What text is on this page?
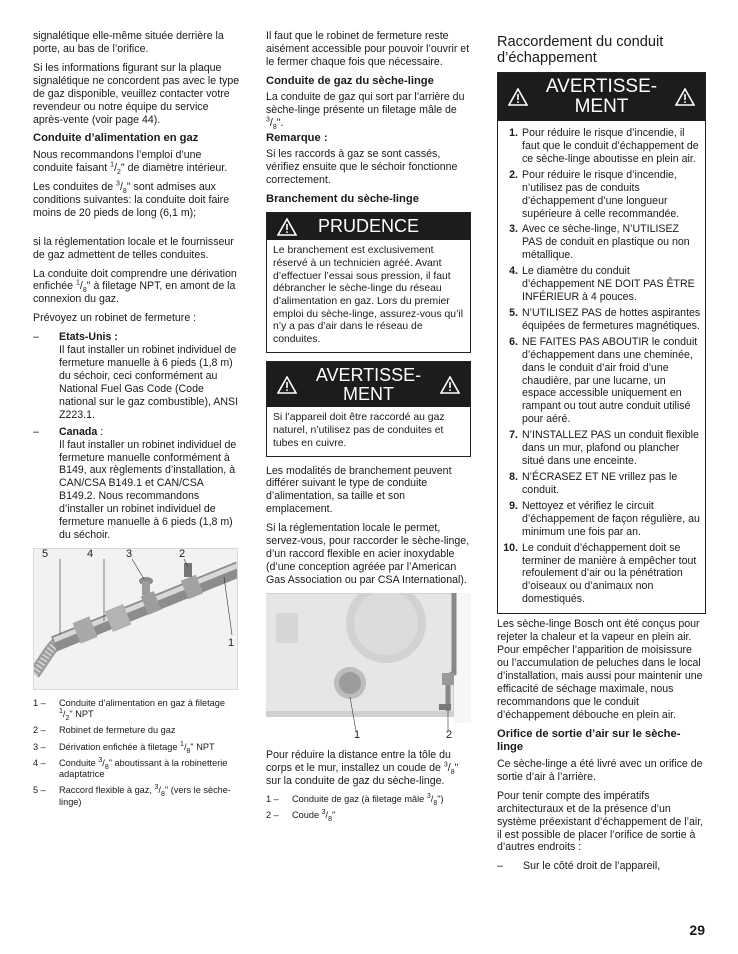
signalétique elle-même située derrière la porte, au bas de l’orifice.

Si les informations figurant sur la plaque signalétique ne concordent pas avec le type de gaz disponible, veuillez contacter votre revendeur ou notre équipe du service après-vente (voir page 44).

Conduite d’alimentation en gaz

Nous recommandons l’emploi d’une conduite faisant $^1/_2$" de diamètre intérieur.

Les conduites de $^3/_8$" sont admises aux conditions suivantes: la conduite doit faire moins de 20 pieds de long (6,1 m);

si la réglementation locale et le fournisseur de gaz admettent de telles conduites.

La conduite doit comprendre une dérivation enfichée $^1/_8$" à filetage NPT, en amont de la connexion du gaz.

Prévoyez un robinet de fermeture :

– Etats-Unis :
Il faut installer un robinet individuel de fermeture manuelle à 6 pieds (1,8 m) du séchoir, ceci conformément au National Fuel Gas Code (Code national sur le gaz combustible), ANSI Z223.1.
– Canada :
Il faut installer un robinet individuel de fermeture manuelle conformément à B149, aux règlements d’installation, à CAN/CSA B149.1 et CAN/CSA B149.2. Nous recommandons d’installer un robinet individuel de fermeture manuelle à 6 pieds (1,8 m) du séchoir.
5	4	3	2
1
1 – Conduite d’alimentation en gaz à filetage $^1/_2$" NPT
2 – Robinet de fermeture du gaz
3 – Dérivation enfichée à filetage $^1/_8$" NPT
4 – Conduite $^3/_8$" aboutissant à la robinetterie adaptatrice
5 – Raccord flexible à gaz, $^3/_8$" (vers le sèche-linge)

Il faut que le robinet de fermeture reste aisément accessible pour pouvoir l’ouvrir et le fermer chaque fois que nécessaire.

Conduite de gaz du sèche-linge

La conduite de gaz qui sort par l’arrière du sèche-linge présente un filetage mâle de $^3/_8$".

Remarque :

Si les raccords à gaz se sont cassés, vérifiez ensuite que le séchoir fonctionne correctement.

Branchement du sèche-linge
PRUDENCE
Le branchement est exclusivement réservé à un technicien agréé. Avant d’effectuer l’essai sous pression, il faut débrancher le sèche-linge du réseau d’alimentation en gaz. Lors du premier emploi du sèche-linge, assurez-vous qu’il n’y a pas d’air dans le réseau de conduites.
AVERTISSE- MENT
Si l’appareil doit être raccordé au gaz naturel, n’utilisez pas de conduites et tubes en cuivre.

Les modalités de branchement peuvent différer suivant le type de conduite d’alimentation, sa taille et son emplacement.

Si la réglementation locale le permet, servez-vous, pour raccorder le sèche-linge, d’un raccord flexible en acier inoxydable (d’une conception agréée par l’American Gas Association ou par CSA International).

1	2

Pour réduire la distance entre la tôle du corps et le mur, installez un coude de $^3/_8$" sur la conduite de gaz du sèche-linge.

1 – Conduite de gaz (à filetage mâle $^3/_8$")
2 – Coude $^3/_8$"
Raccordement du conduit d’échappement
AVERTISSE- MENT
1. Pour réduire le risque d’incendie, il faut que le conduit d’échappement de ce sèche-linge aboutisse en plein air.
2. Pour réduire le risque d’incendie, n’utilisez pas de conduits d’échappement d’une longueur supérieure à celle recommandée.
3. Avec ce sèche-linge, N’UTILISEZ PAS de conduit en plastique ou non métallique.
4. Le diamètre du conduit d’échappement NE DOIT PAS ÊTRE INFÉRIEUR à 4 pouces.
5. N’UTILISEZ PAS de hottes aspirantes équipées de fermetures magnétiques.
6. NE FAITES PAS ABOUTIR le conduit d’échappement dans une cheminée, dans le conduit d’air froid d’une chaudière, par une lucarne, un espace accessible uniquement en rampant ou tout autre conduit utilisé pour aéré.
7. N’INSTALLEZ PAS un conduit flexible dans un mur, plafond ou plancher situé dans une enceinte.
8. N’ÉCRASEZ ET NE vrillez pas le conduit.
9. Nettoyez et vérifiez le circuit d’échappement de façon régulière, au minimum une fois par an.
10. Le conduit d’échappement doit se terminer de manière à empêcher tout refoulement d’air ou la pénétration d’oiseaux ou d’animaux non domestiqués.

Les sèche-linge Bosch ont été conçus pour rejeter la chaleur et la vapeur en plein air. Pour empêcher l’apparition de moisissure ou l’accumulation de peluches dans le local d’installation, mais aussi pour maintenir une efficacité de séchage maximale, nous recommandons que le conduit d’échappement débouche en plein air.

Orifice de sortie d’air sur le sèche-linge

Ce sèche-linge a été livré avec un orifice de sortie d’air à l’arrière.

Pour tenir compte des impératifs architecturaux et de la présence d’un système préexistant d’échappement de l’air, il est possible de placer l’orifice de sortie à d’autres endroits :

– Sur le côté droit de l’appareil,
29
